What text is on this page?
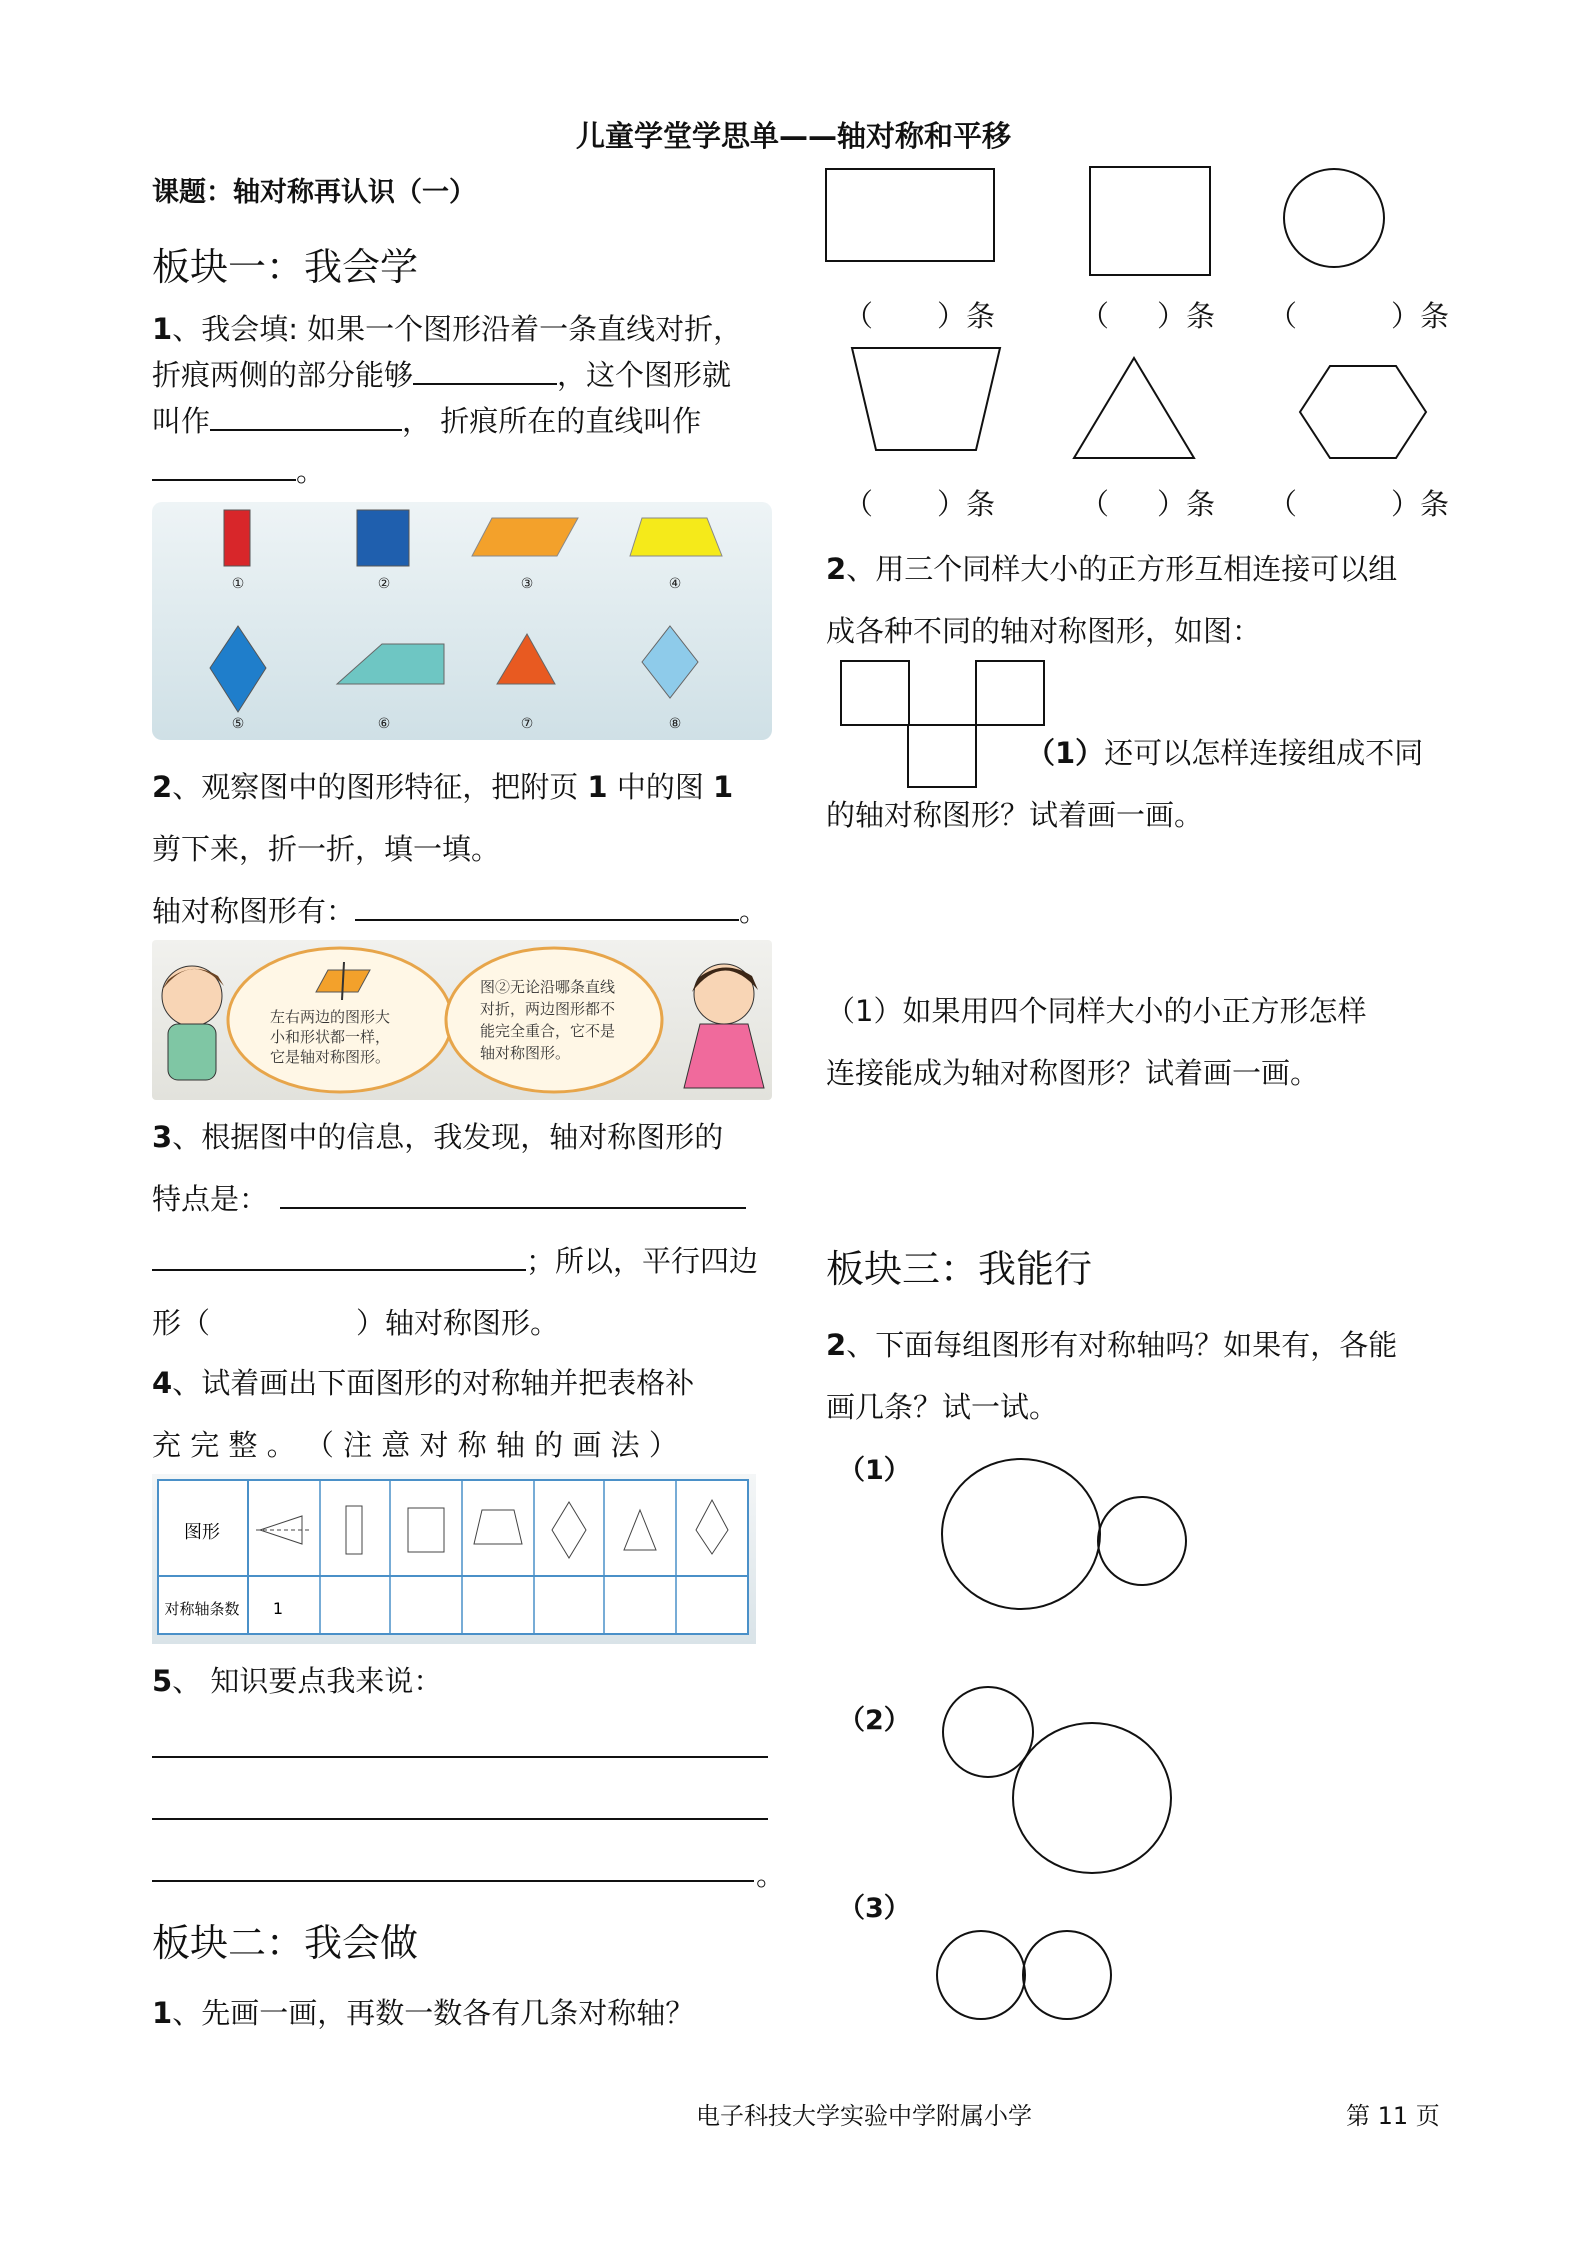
儿童学堂学思单——轴对称和平移
课题：轴对称再认识（一）
板块一：我会学
1、我会填: 如果一个图形沿着一条直线对折，
折痕两侧的部分能够	，这个图形就
叫作	， 折痕所在的直线叫作
。
①	②	③	④
⑤	⑥	⑦	⑧
2、观察图中的图形特征，把附页 1 中的图 1
剪下来，折一折，填一填。
轴对称图形有：	。
左右两边的图形大
小和形状都一样，
它是轴对称图形。
图②无论沿哪条直线
对折，两边图形都不
能完全重合，它不是
轴对称图形。
3、根据图中的信息，我发现，轴对称图形的
特点是：
；所以，平行四边
形（	）轴对称图形。
4、试着画出下面图形的对称轴并把表格补
充 完 整 。 （ 注 意 对 称 轴 的 画 法 ）
图形
对称轴条数 1
5、 知识要点我来说：
。
板块二：我会做
1、先画一画，再数一数各有几条对称轴？
（ ）条	（ ）条 （	）条
（ ）条	（ ）条 （	）条
2、用三个同样大小的正方形互相连接可以组
成各种不同的轴对称图形，如图：
（1）还可以怎样连接组成不同
的轴对称图形？试着画一画。
（1）如果用四个同样大小的小正方形怎样
连接能成为轴对称图形？试着画一画。
板块三：我能行
2、下面每组图形有对称轴吗？如果有，各能
画几条？试一试。
（1）
（2）
（3）
电子科技大学实验中学附属小学	第 11 页
